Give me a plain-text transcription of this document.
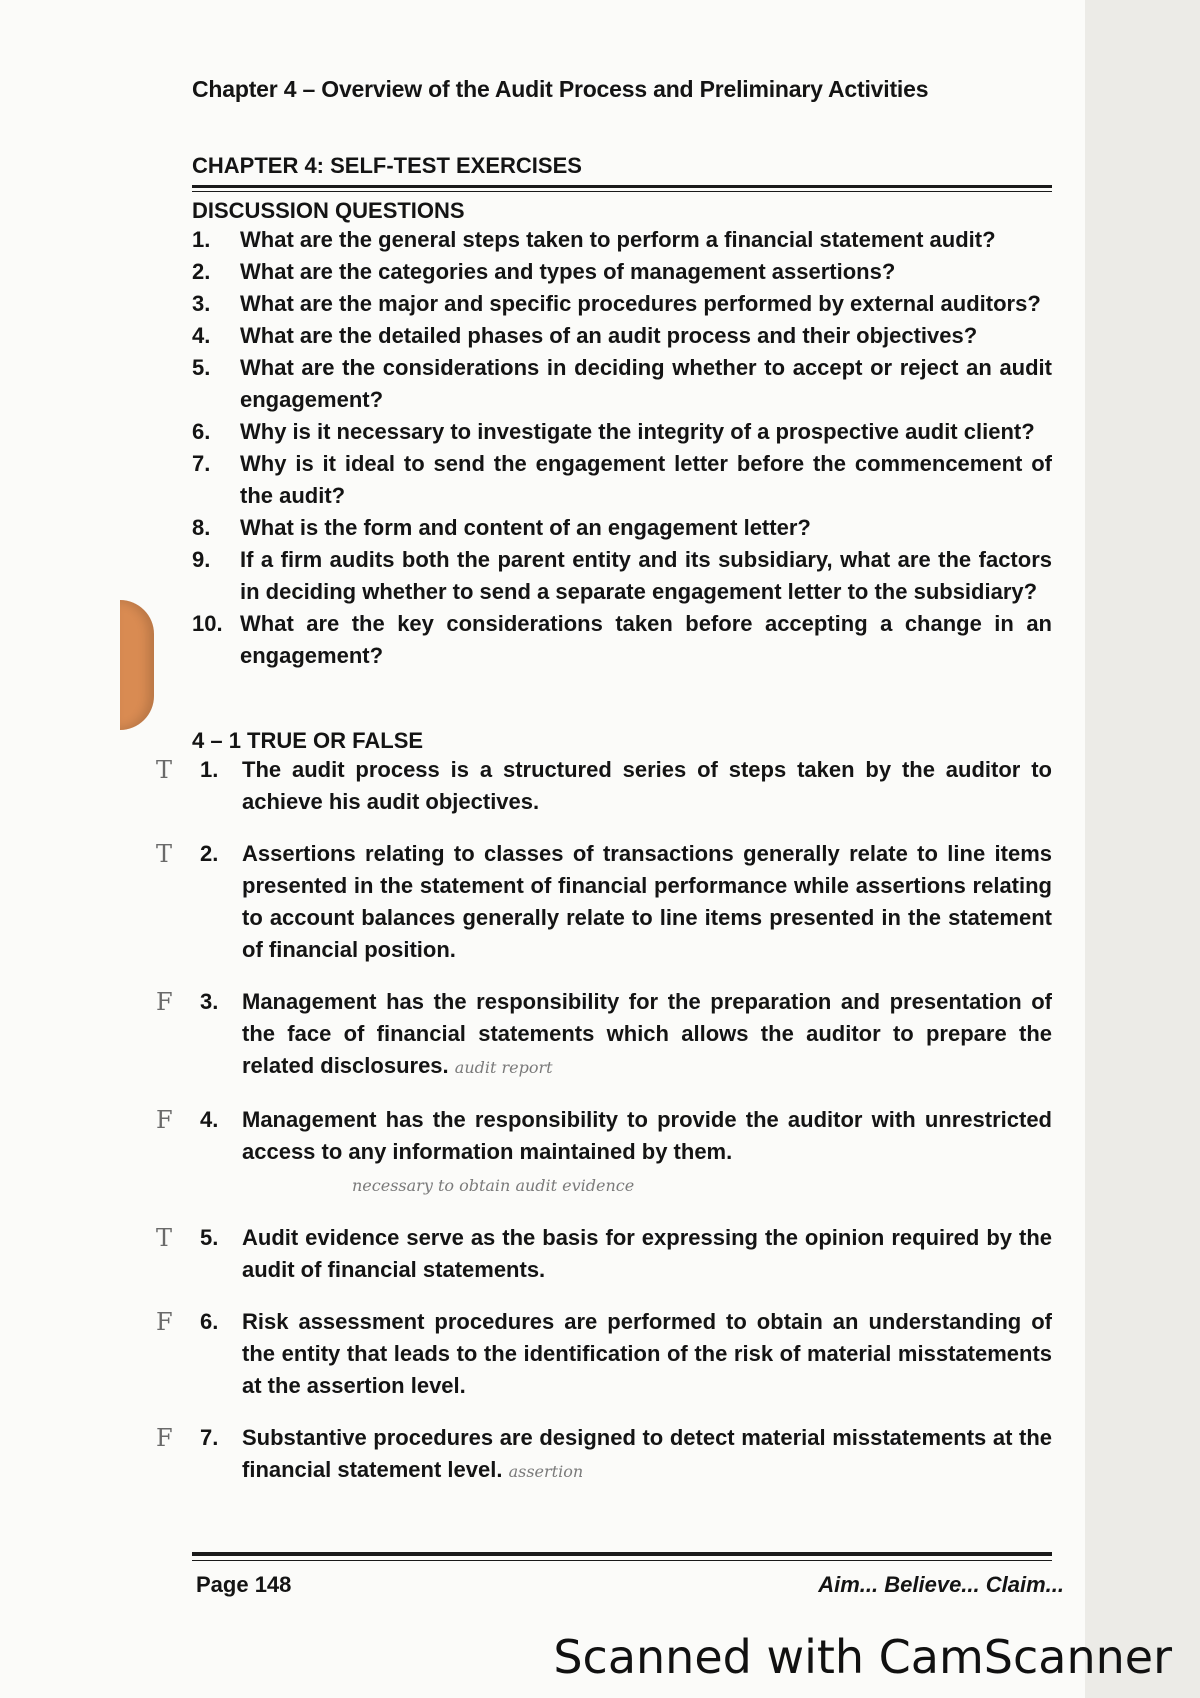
Chapter 4 – Overview of the Audit Process and Preliminary Activities

CHAPTER 4: SELF-TEST EXERCISES
DISCUSSION QUESTIONS
1. What are the general steps taken to perform a financial statement audit?
2. What are the categories and types of management assertions?
3. What are the major and specific procedures performed by external auditors?
4. What are the detailed phases of an audit process and their objectives?
5. What are the considerations in deciding whether to accept or reject an audit engagement?
6. Why is it necessary to investigate the integrity of a prospective audit client?
7. Why is it ideal to send the engagement letter before the commencement of the audit?
8. What is the form and content of an engagement letter?
9. If a firm audits both the parent entity and its subsidiary, what are the factors in deciding whether to send a separate engagement letter to the subsidiary?
10. What are the key considerations taken before accepting a change in an engagement?
4 – 1 TRUE OR FALSE
T 1. The audit process is a structured series of steps taken by the auditor to achieve his audit objectives.
T 2. Assertions relating to classes of transactions generally relate to line items presented in the statement of financial performance while assertions relating to account balances generally relate to line items presented in the statement of financial position.
F 3. Management has the responsibility for the preparation and presentation of the face of financial statements which allows the auditor to prepare the related disclosures. audit report
F 4. Management has the responsibility to provide the auditor with unrestricted access to any information maintained by them.
necessary to obtain audit evidence
T 5. Audit evidence serve as the basis for expressing the opinion required by the audit of financial statements.
F 6. Risk assessment procedures are performed to obtain an understanding of the entity that leads to the identification of the risk of material misstatements at the assertion level.
F 7. Substantive procedures are designed to detect material misstatements at the financial statement level. assertion
Page 148	Aim... Believe... Claim...
Scanned with CamScanner
